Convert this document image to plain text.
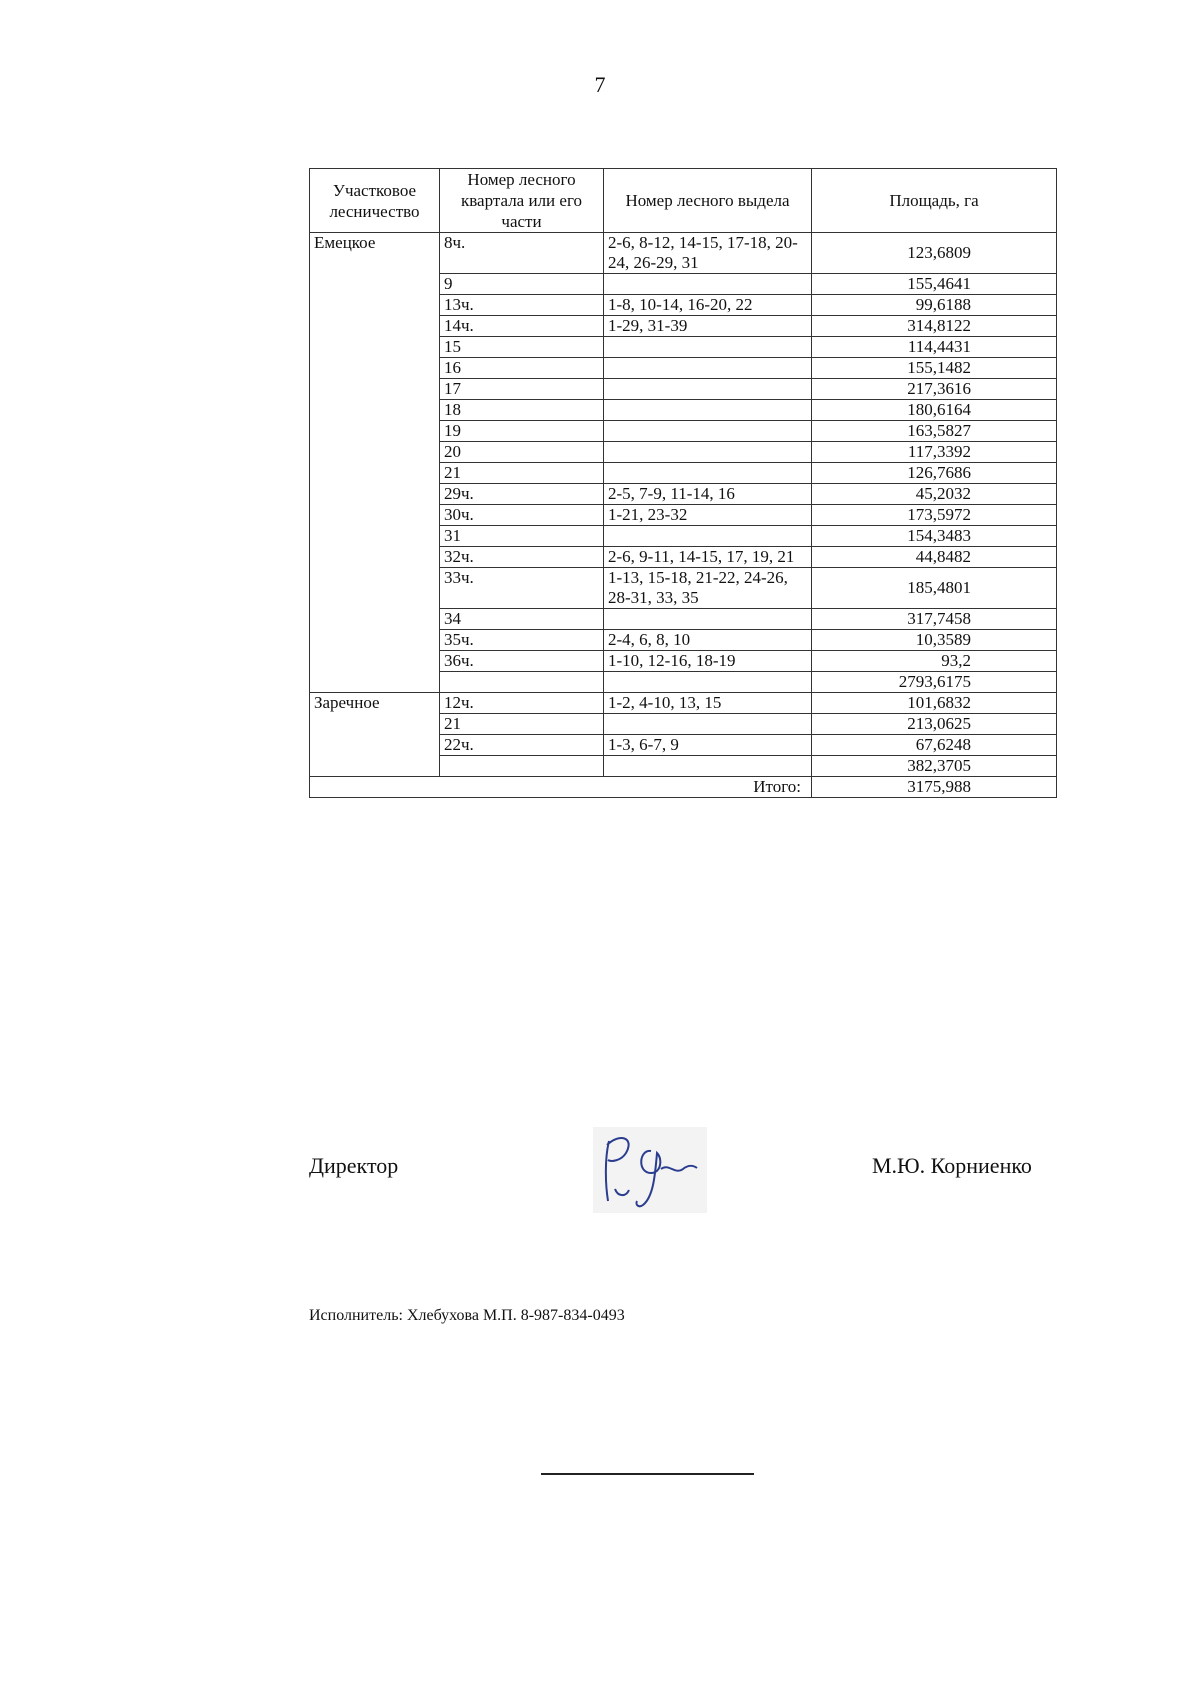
7
Участковое лесничество	Номер лесного квартала или его части	Номер лесного выдела	Площадь, га
Емецкое	8ч.	2-6, 8-12, 14-15, 17-18, 20-24, 26-29, 31	123,6809
	9		155,4641
	13ч.	1-8, 10-14, 16-20, 22	99,6188
	14ч.	1-29, 31-39	314,8122
	15		114,4431
	16		155,1482
	17		217,3616
	18		180,6164
	19		163,5827
	20		117,3392
	21		126,7686
	29ч.	2-5, 7-9, 11-14, 16	45,2032
	30ч.	1-21, 23-32	173,5972
	31		154,3483
	32ч.	2-6, 9-11, 14-15, 17, 19, 21	44,8482
	33ч.	1-13, 15-18, 21-22, 24-26, 28-31, 33, 35	185,4801
	34		317,7458
	35ч.	2-4, 6, 8, 10	10,3589
	36ч.	1-10, 12-16, 18-19	93,2
			2793,6175
Заречное	12ч.	1-2, 4-10, 13, 15	101,6832
	21		213,0625
	22ч.	1-3, 6-7, 9	67,6248
			382,3705
Итого:			3175,988
Директор	М.Ю. Корниенко
Исполнитель: Хлебухова М.П. 8-987-834-0493
